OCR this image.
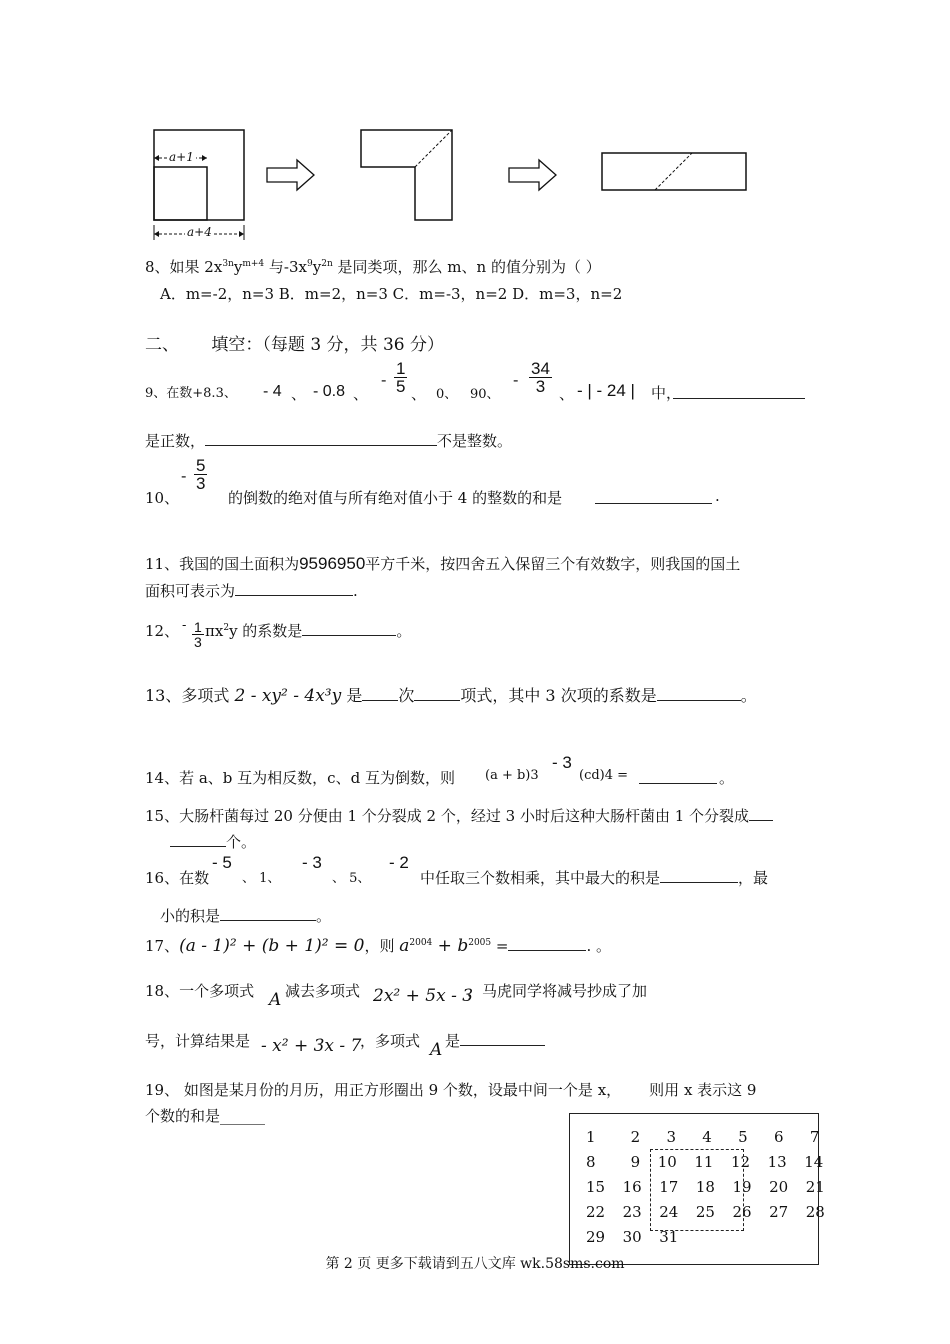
a+1
a+4
8、如果 $2x^{3n}y^{m+4}$ 与$-3x^9y^{2n}$ 是同类项，那么 m、n 的值分别为（ ）
A．m=-2，n=3 B．m=2，n=3 C．m=-3，n=2 D．m=3，n=2
二、      填空：（每题 3 分，共 36 分）
9、在数+8.3、 - 4 、 - 0.8 、
- $\frac{1}{5}$ 、 0、 90、
- $\frac{34}{3}$ 、 - | - 24 | 中，
是正数，	不是整数。
10、
- $\frac{5}{3}$
的倒数的绝对值与所有绝对值小于 4 的整数的和是	.
11、我国的国土面积为9596950平方千米，按四舍五入保留三个有效数字，则我国的国土
面积可表示为	.
12、 - $\frac{1}{3} \pi x^2y$ 的系数是	。
13、多项式 2 - xy² - 4x³y 是 次	项式，其中 3 次项的系数是	。
14、若 a、b 互为相反数，c、d 互为倒数，则 (a + b)3
- 3
(cd)4 =	。
15、大肠杆菌每过 20 分便由 1 个分裂成 2 个，经过 3 小时后这种大肠杆菌由 1 个分裂成
个。
16、在数
- 5
、 1、
- 3
、 5、
- 2
中任取三个数相乘，其中最大的积是	，最
小的积是	。
17、(a - 1)² + (b + 1)² = 0，则 $a^{2004} + b^{2005}$ =	. 。
18、一个多项式 A 减去多项式 2x² + 5x - 3
，马虎同学将减号抄成了加
号，计算结果是 - x² + 3x - 7
，多项式 A 是
19、 如图是某月份的月历，用正方形圈出 9 个数，设最中间一个是 x， 则用 x 表示这 9
个数的和是______
1    2   3   4   5   6   7
8    9  10  11  12  13  14
15  16  17  18  19  20  21
22  23  24  25  26  27  28
29  30  31
第 2 页 更多下载请到五八文库 wk.58sms.com
